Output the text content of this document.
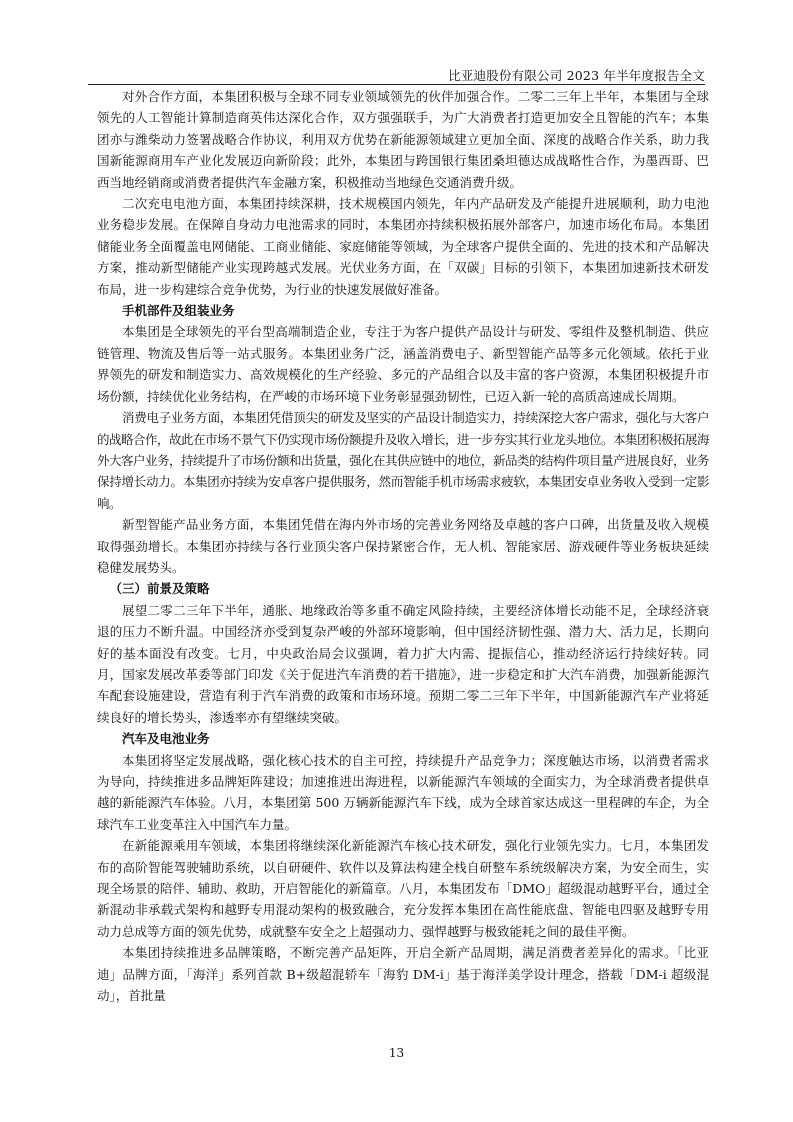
比亚迪股份有限公司 2023 年半年度报告全文

对外合作方面，本集团积极与全球不同专业领域领先的伙伴加强合作。二零二三年上半年，本集团与全球领先的人工智能计算制造商英伟达深化合作，双方强强联手，为广大消费者打造更加安全且智能的汽车；本集团亦与潍柴动力签署战略合作协议，利用双方优势在新能源领域建立更加全面、深度的战略合作关系，助力我国新能源商用车产业化发展迈向新阶段；此外，本集团与跨国银行集团桑坦德达成战略性合作，为墨西哥、巴西当地经销商或消费者提供汽车金融方案，积极推动当地绿色交通消费升级。

二次充电电池方面，本集团持续深耕，技术规模国内领先，年内产品研发及产能提升进展顺利，助力电池业务稳步发展。在保障自身动力电池需求的同时，本集团亦持续积极拓展外部客户，加速市场化布局。本集团储能业务全面覆盖电网储能、工商业储能、家庭储能等领域，为全球客户提供全面的、先进的技术和产品解决方案，推动新型储能产业实现跨越式发展。光伏业务方面，在「双碳」目标的引领下，本集团加速新技术研发布局，进一步构建综合竞争优势，为行业的快速发展做好准备。

手机部件及组装业务

本集团是全球领先的平台型高端制造企业，专注于为客户提供产品设计与研发、零组件及整机制造、供应链管理、物流及售后等一站式服务。本集团业务广泛，涵盖消费电子、新型智能产品等多元化领域。依托于业界领先的研发和制造实力、高效规模化的生产经验、多元的产品组合以及丰富的客户资源，本集团积极提升市场份额，持续优化业务结构，在严峻的市场环境下业务彰显强劲韧性，已迈入新一轮的高质高速成长周期。

消费电子业务方面，本集团凭借顶尖的研发及坚实的产品设计制造实力，持续深挖大客户需求，强化与大客户的战略合作，故此在市场不景气下仍实现市场份额提升及收入增长，进一步夯实其行业龙头地位。本集团积极拓展海外大客户业务，持续提升了市场份额和出货量，强化在其供应链中的地位，新品类的结构件项目量产进展良好，业务保持增长动力。本集团亦持续为安卓客户提供服务，然而智能手机市场需求疲软，本集团安卓业务收入受到一定影响。

新型智能产品业务方面，本集团凭借在海内外市场的完善业务网络及卓越的客户口碑，出货量及收入规模取得强劲增长。本集团亦持续与各行业顶尖客户保持紧密合作，无人机、智能家居、游戏硬件等业务板块延续稳健发展势头。

（三）前景及策略

展望二零二三年下半年，通胀、地缘政治等多重不确定风险持续，主要经济体增长动能不足，全球经济衰退的压力不断升温。中国经济亦受到复杂严峻的外部环境影响，但中国经济韧性强、潜力大、活力足，长期向好的基本面没有改变。七月，中央政治局会议强调，着力扩大内需、提振信心，推动经济运行持续好转。同月，国家发展改革委等部门印发《关于促进汽车消费的若干措施》，进一步稳定和扩大汽车消费，加强新能源汽车配套设施建设，营造有利于汽车消费的政策和市场环境。预期二零二三年下半年，中国新能源汽车产业将延续良好的增长势头，渗透率亦有望继续突破。

汽车及电池业务

本集团将坚定发展战略，强化核心技术的自主可控，持续提升产品竞争力；深度触达市场，以消费者需求为导向，持续推进多品牌矩阵建设；加速推进出海进程，以新能源汽车领域的全面实力，为全球消费者提供卓越的新能源汽车体验。八月，本集团第 500 万辆新能源汽车下线，成为全球首家达成这一里程碑的车企，为全球汽车工业变革注入中国汽车力量。

在新能源乘用车领域，本集团将继续深化新能源汽车核心技术研发，强化行业领先实力。七月，本集团发布的高阶智能驾驶辅助系统，以自研硬件、软件以及算法构建全栈自研整车系统级解决方案，为安全而生，实现全场景的陪伴、辅助、救助，开启智能化的新篇章。八月，本集团发布「DMO」超级混动越野平台，通过全新混动非承载式架构和越野专用混动架构的极致融合，充分发挥本集团在高性能底盘、智能电四驱及越野专用动力总成等方面的领先优势，成就整车安全之上超强动力、强悍越野与极致能耗之间的最佳平衡。

本集团持续推进多品牌策略，不断完善产品矩阵，开启全新产品周期，满足消费者差异化的需求。「比亚迪」品牌方面，「海洋」系列首款 B+级超混轿车「海豹 DM-i」基于海洋美学设计理念，搭载「DM-i 超级混动」，首批量

13
